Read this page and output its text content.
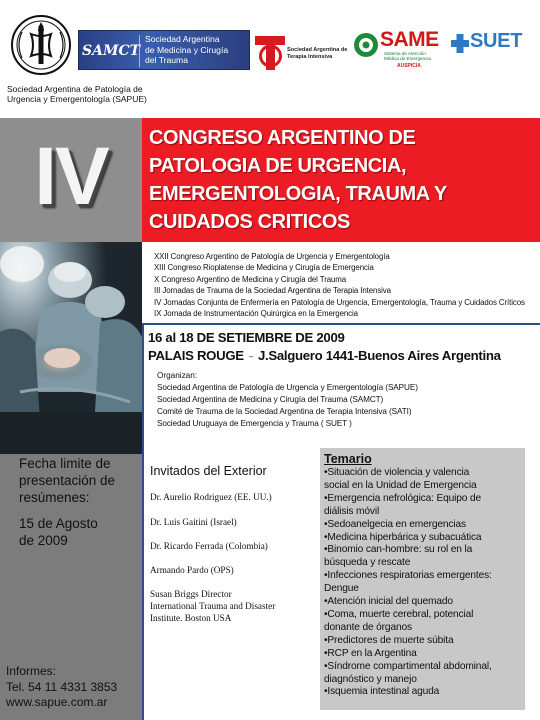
Sociedad Argentina de Patología de
Urgencia y Emergentología (SAPUE)
SAMCT
Sociedad Argentina
de Medicina y Cirugía
del Trauma
Sociedad Argentina de
Terapia Intensiva
SAME
Sistema de Atención
Médica de Emergencia
AUSPICIA
SUET
IV
Fecha limite de
presentación de
resúmenes:
15 de Agosto
de 2009
Informes:
Tel. 54 11 4331 3853
www.sapue.com.ar
CONGRESO ARGENTINO DE
PATOLOGIA DE URGENCIA,
EMERGENTOLOGIA, TRAUMA Y
CUIDADOS CRITICOS
XXII Congreso Argentino de Patología de Urgencia y Emergentología
XIII Congreso Rioplatense de Medicina y Cirugía de Emergencia
X Congreso Argentino de Medicina y Cirugía del Trauma
III Jornadas de Trauma de la Sociedad Argentina de Terapia Intensiva
IV Jornadas Conjunta de Enfermería en Patología de Urgencia, Emergentología, Trauma y Cuidados Críticos
IX Jornada de Instrumentación Quirúrgica en la Emergencia
16 al 18 DE SETIEMBRE DE 2009
PALAIS ROUGE – J.Salguero 1441-Buenos Aires Argentina
Organizan:
Sociedad Argentina de Patología de Urgencia y Emergentología (SAPUE)
Sociedad Argentina de Medicina y Cirugía del Trauma (SAMCT)
Comité de Trauma de la Sociedad Argentina de Terapia Intensiva (SATI)
Sociedad Uruguaya de Emergencia y Trauma ( SUET )
Invitados del Exterior
Dr. Aurelio Rodriguez (EE. UU.)
Dr. Luis Gaitini (Israel)
Dr. Ricardo Ferrada (Colombia)
Armando Pardo (OPS)
Susan Briggs Director
International Trauma and Disaster
Institute. Boston USA
Temario
•Situación de violencia y valencia
social en la Unidad de Emergencia
•Emergencia nefrológica: Equipo de
diálisis móvil
•Sedoanelgecia en emergencias
•Medicina hiperbárica y subacuática
•Binomio can-hombre: su rol en la
búsqueda y rescate
•Infecciones respiratorias emergentes:
Dengue
•Atención inicial del quemado
•Coma, muerte cerebral, potencial
donante de órganos
•Predictores de muerte súbita
•RCP en la Argentina
•Síndrome compartimental abdominal,
diagnóstico y manejo
•Isquemia intestinal aguda
